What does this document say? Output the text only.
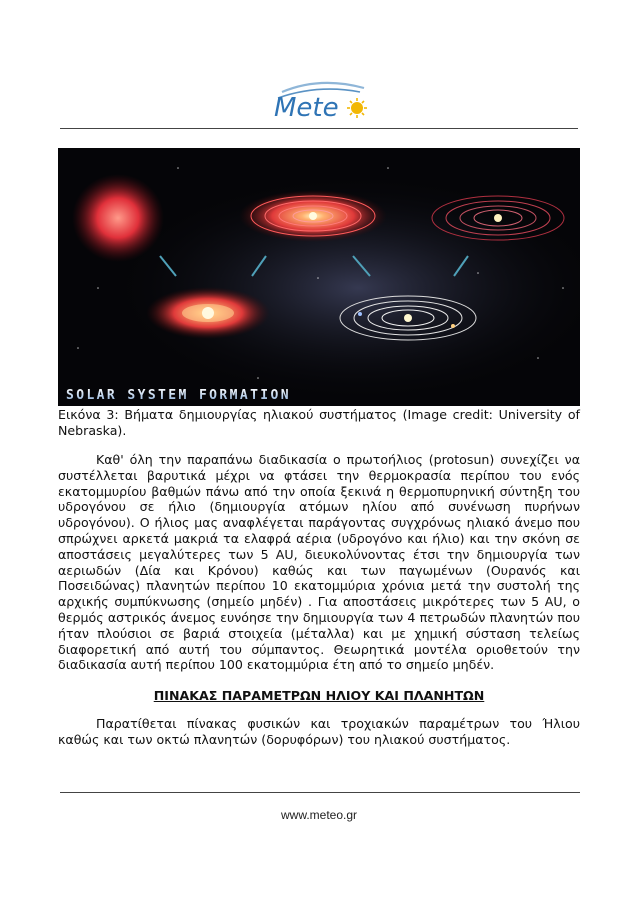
Mete
SOLAR SYSTEM FORMATION
Εικόνα 3: Βήματα δημιουργίας ηλιακού συστήματος (Image credit: University of Nebraska).
Καθ' όλη την παραπάνω διαδικασία ο πρωτοήλιος (protosun) συνεχίζει να συστέλλεται βαρυτικά μέχρι να φτάσει την θερμοκρασία περίπου του ενός εκατομμυρίου βαθμών πάνω από την οποία ξεκινά η θερμοπυρηνική σύντηξη του υδρογόνου σε ήλιο (δημιουργία ατόμων ηλίου από συνένωση πυρήνων υδρογόνου). Ο ήλιος μας αναφλέγεται παράγοντας συγχρόνως ηλιακό άνεμο που σπρώχνει αρκετά μακριά τα ελαφρά αέρια (υδρογόνο και ήλιο) και την σκόνη σε αποστάσεις μεγαλύτερες των 5 AU, διευκολύνοντας έτσι την δημιουργία των αεριωδών (Δία και Κρόνου) καθώς και των παγωμένων (Ουρανός και Ποσειδώνας) πλανητών περίπου 10 εκατομμύρια χρόνια μετά την συστολή της αρχικής συμπύκνωσης (σημείο μηδέν) . Για αποστάσεις μικρότερες των 5 AU, ο θερμός αστρικός άνεμος ευνόησε την δημιουργία των 4 πετρωδών πλανητών που ήταν πλούσιοι σε βαριά στοιχεία (μέταλλα) και με χημική σύσταση τελείως διαφορετική από αυτή του σύμπαντος. Θεωρητικά μοντέλα οριοθετούν την διαδικασία αυτή περίπου 100 εκατομμύρια έτη από το σημείο μηδέν.
ΠΙΝΑΚΑΣ ΠΑΡΑΜΕΤΡΩΝ ΗΛΙΟΥ ΚΑΙ ΠΛΑΝΗΤΩΝ
Παρατίθεται πίνακας φυσικών και τροχιακών παραμέτρων του Ήλιου καθώς και των οκτώ πλανητών (δορυφόρων) του ηλιακού συστήματος.
www.meteo.gr
